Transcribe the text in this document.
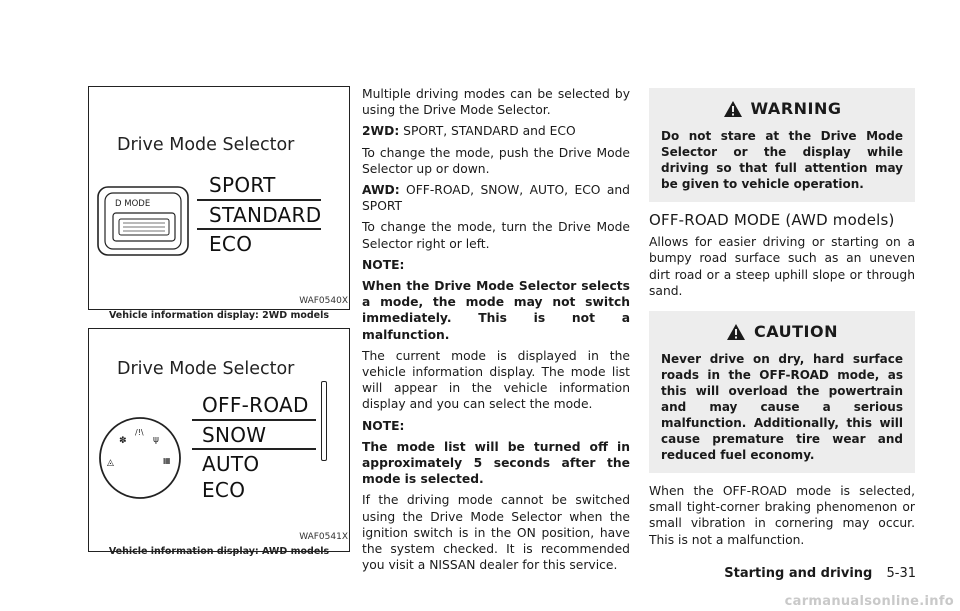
Drive Mode Selector
D MODE
SPORT
STANDARD
ECO
WAF0540X
Vehicle information display: 2WD models
Drive Mode Selector
✽
/!\
ψ
◬	▦
OFF-ROAD
SNOW
AUTO
ECO
WAF0541X
Vehicle information display: AWD models

Multiple driving modes can be selected by using the Drive Mode Selector.

2WD: SPORT, STANDARD and ECO

To change the mode, push the Drive Mode Selector up or down.

AWD: OFF-ROAD, SNOW, AUTO, ECO and SPORT

To change the mode, turn the Drive Mode Selector right or left.

NOTE:

When the Drive Mode Selector selects a mode, the mode may not switch immediately. This is not a malfunction.

The current mode is displayed in the vehicle information display. The mode list will appear in the vehicle information display and you can select the mode.

NOTE:

The mode list will be turned off in approximately 5 seconds after the mode is selected.

If the driving mode cannot be switched using the Drive Mode Selector when the ignition switch is in the ON position, have the system checked. It is recommended you visit a NISSAN dealer for this service.

WARNING
Do not stare at the Drive Mode Selector or the display while driving so that full attention may be given to vehicle operation.
OFF-ROAD MODE (AWD models)

Allows for easier driving or starting on a bumpy road surface such as an uneven dirt road or a steep uphill slope or through sand.

CAUTION
Never drive on dry, hard surface roads in the OFF-ROAD mode, as this will overload the powertrain and may cause a serious malfunction. Additionally, this will cause premature tire wear and reduced fuel economy.

When the OFF-ROAD mode is selected, small tight-corner braking phenomenon or small vibration in cornering may occur. This is not a malfunction.

Starting and driving 5-31
carmanualsonline.info
